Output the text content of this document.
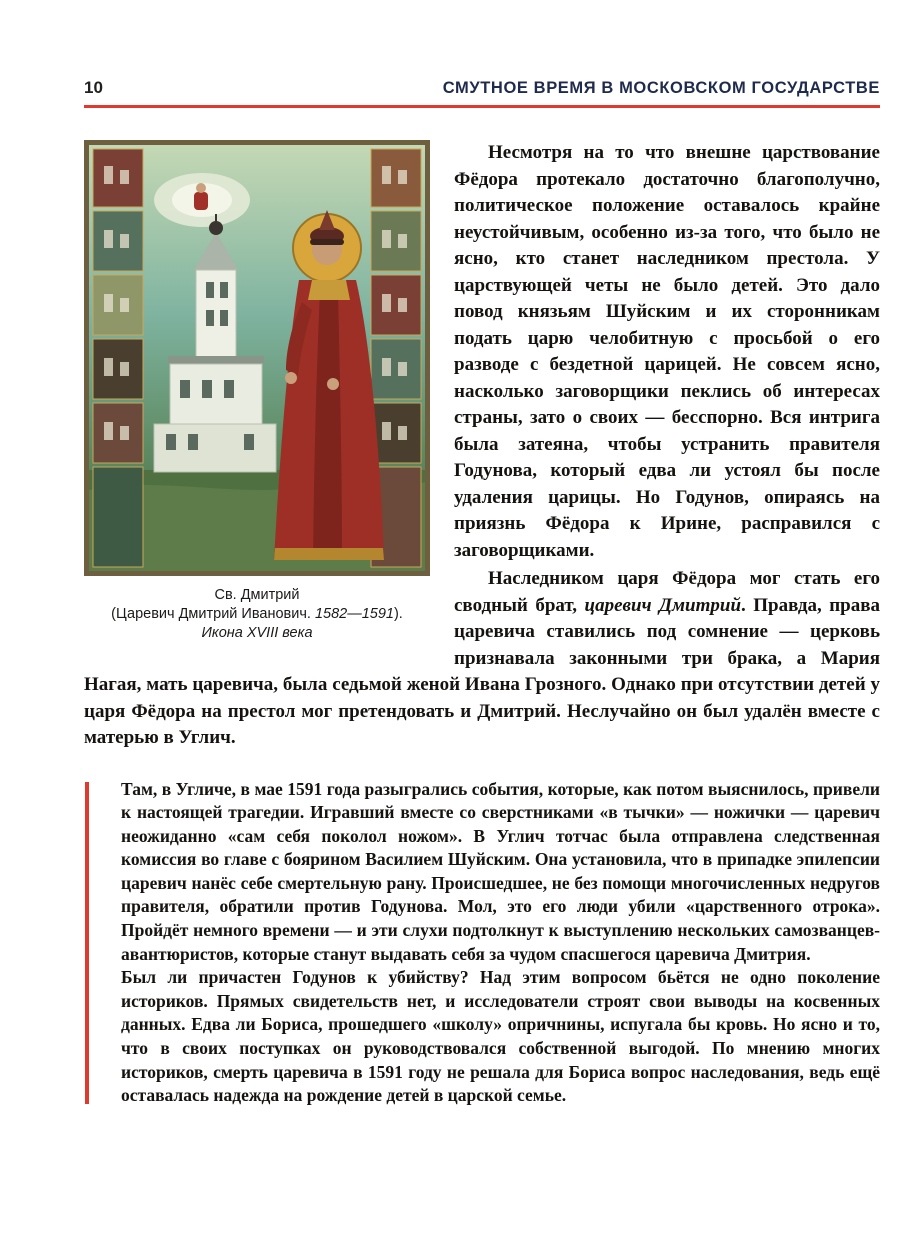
10	СМУТНОЕ ВРЕМЯ В МОСКОВСКОМ ГОСУДАРСТВЕ
Св. Дмитрий
(Царевич Дмитрий Иванович. 1582—1591).
Икона XVIII века

Несмотря на то что внешне царствование Фёдора протекало достаточно благополучно, политическое положение оставалось крайне неустойчивым, особенно из-за того, что было не ясно, кто станет наследником престола. У царствующей четы не было детей. Это дало повод князьям Шуйским и их сторонникам подать царю челобитную с просьбой о его разводе с бездетной царицей. Не совсем ясно, насколько заговорщики пеклись об интересах страны, зато о своих — бесспорно. Вся интрига была затеяна, чтобы устранить правителя Годунова, который едва ли устоял бы после удаления царицы. Но Годунов, опираясь на приязнь Фёдора к Ирине, расправился с заговорщиками.

Наследником царя Фёдора мог стать его сводный брат, царевич Дмитрий. Правда, права царевича ставились под сомнение — церковь признавала законными три брака, а Мария Нагая, мать царевича, была седьмой женой Ивана Грозного. Однако при отсутствии детей у царя Фёдора на престол мог претендовать и Дмитрий. Неслучайно он был удалён вместе с матерью в Углич.

Там, в Угличе, в мае 1591 года разыгрались события, которые, как потом выяснилось, привели к настоящей трагедии. Игравший вместе со сверстниками «в тычки» — ножички — царевич неожиданно «сам себя поколол ножом». В Углич тотчас была отправлена следственная комиссия во главе с боярином Василием Шуйским. Она установила, что в припадке эпилепсии царевич нанёс себе смертельную рану. Происшедшее, не без помощи многочисленных недругов правителя, обратили против Годунова. Мол, это его люди убили «царственного отрока». Пройдёт немного времени — и эти слухи подтолкнут к выступлению нескольких самозванцев-авантюристов, которые станут выдавать себя за чудом спасшегося царевича Дмитрия.

Был ли причастен Годунов к убийству? Над этим вопросом бьётся не одно поколение историков. Прямых свидетельств нет, и исследователи строят свои выводы на косвенных данных. Едва ли Бориса, прошедшего «школу» опричнины, испугала бы кровь. Но ясно и то, что в своих поступках он руководствовался собственной выгодой. По мнению многих историков, смерть царевича в 1591 году не решала для Бориса вопрос наследования, ведь ещё оставалась надежда на рождение детей в царской семье.
